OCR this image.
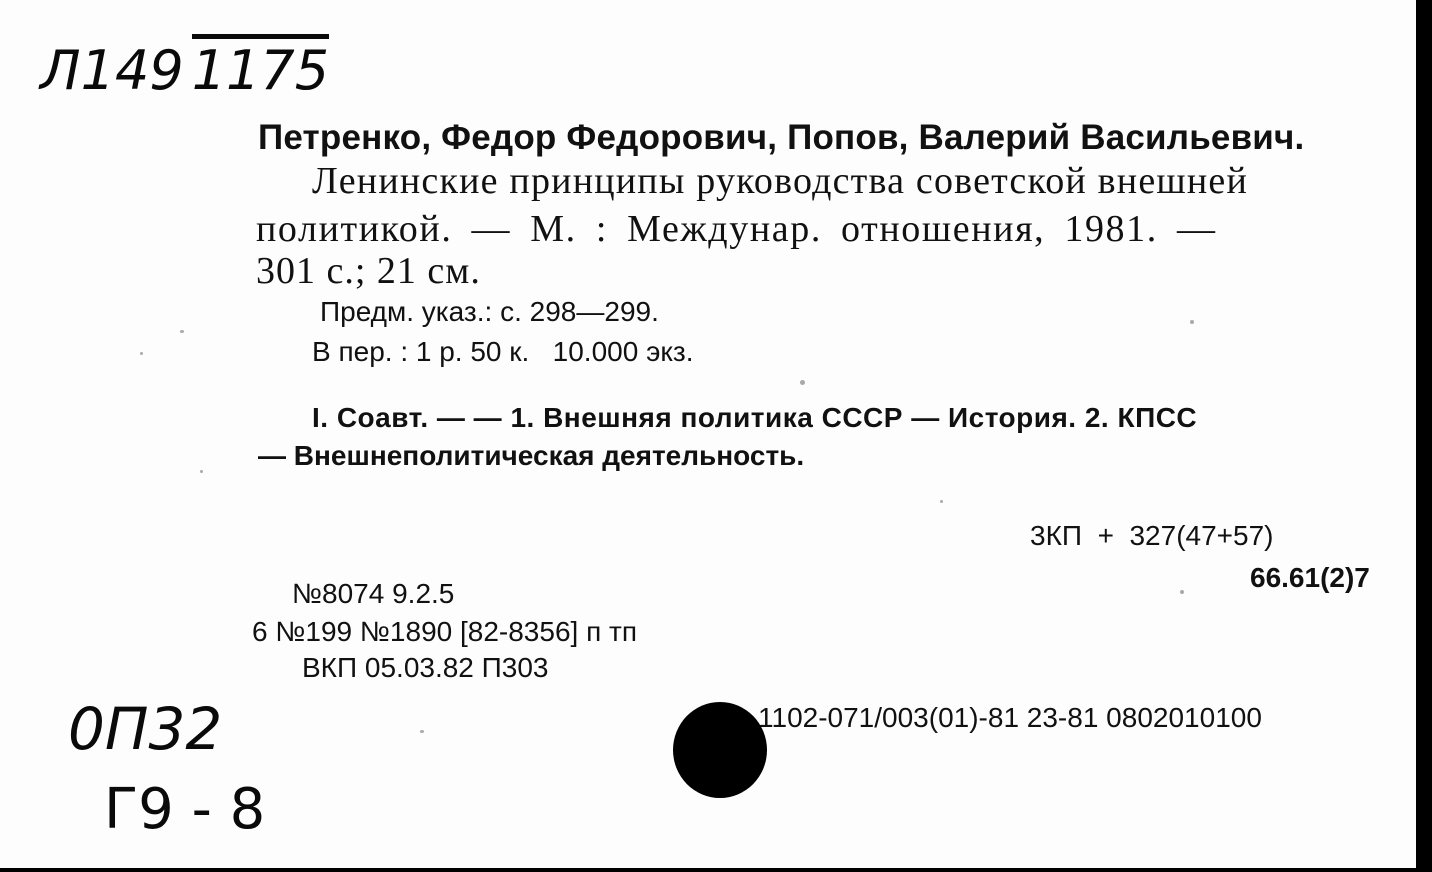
Л149 1175
Петренко, Федор Федорович, Попов, Валерий Васильевич.
Ленинские принципы руководства советской внешней
политикой. — М. : Междунар. отношения, 1981. —
301 с.; 21 см.
Предм. указ.: с. 298—299.
В пер. : 1 р. 50 к.   10.000 экз.
I. Соавт. — — 1. Внешняя политика СССР — История. 2. КПСС
— Внешнеполитическая деятельность.
3КП  +  327(47+57)
66.61(2)7
№8074 9.2.5
6 №199 №1890 [82-8356] п тп
ВКП 05.03.82 П303
1102-071/003(01)-81 23-81 0802010100
0П32
Г9 - 8
